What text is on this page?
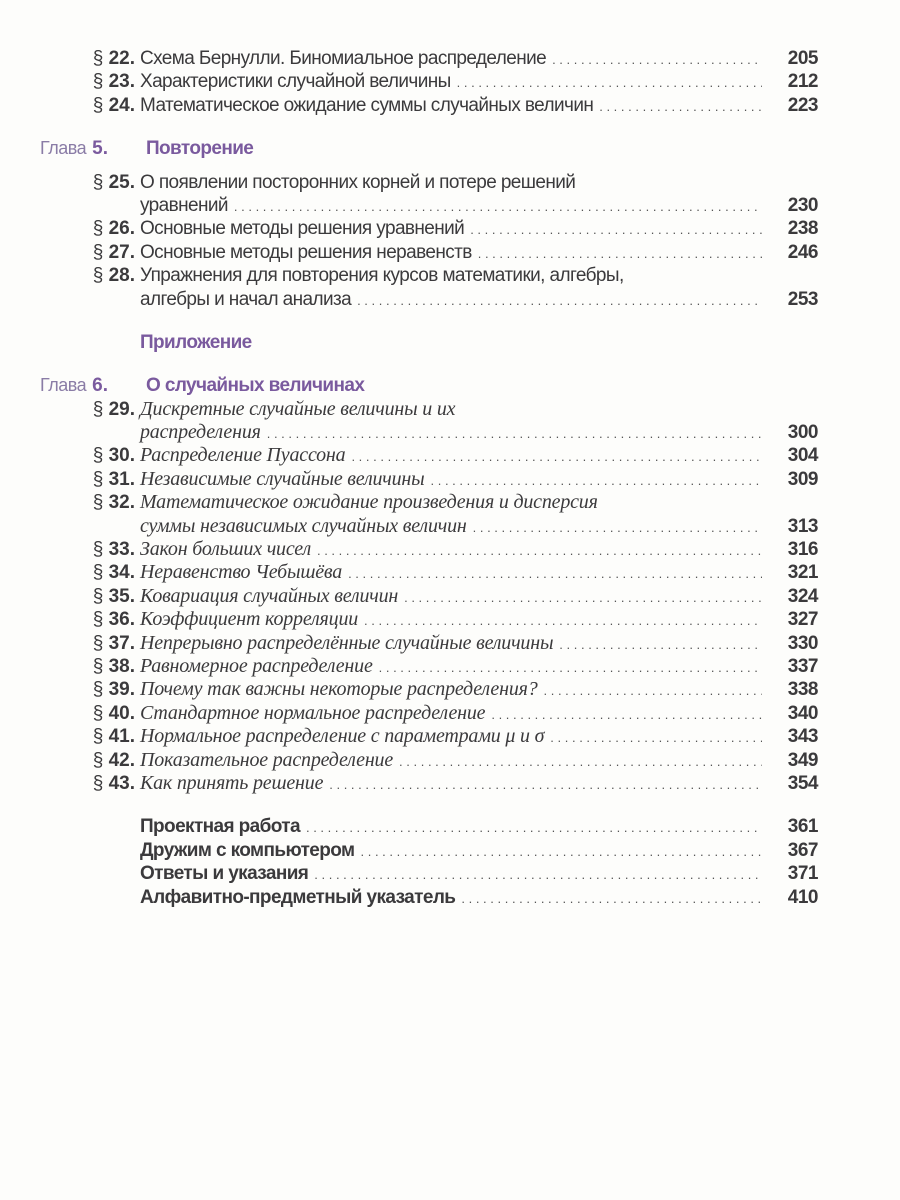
§ 22. Схема Бернулли. Биномиальное распределение . . .	205
§ 23. Характеристики случайной величины . . .	212
§ 24. Математическое ожидание суммы случайных величин . . .	223
Глава 5.	Повторение
§ 25. О появлении посторонних корней и потере решений
уравнений . . .	230
§ 26. Основные методы решения уравнений . . .	238
§ 27. Основные методы решения неравенств . . .	246
§ 28. Упражнения для повторения курсов математики, алгебры,
алгебры и начал анализа . . .	253
Приложение
Глава 6.	О случайных величинах
§ 29. Дискретные случайные величины и их
распределения . . .	300
§ 30. Распределение Пуассона . . .	304
§ 31. Независимые случайные величины . . .	309
§ 32. Математическое ожидание произведения и дисперсия
суммы независимых случайных величин . . .	313
§ 33. Закон больших чисел . . .	316
§ 34. Неравенство Чебышёва . . .	321
§ 35. Ковариация случайных величин . . .	324
§ 36. Коэффициент корреляции . . .	327
§ 37. Непрерывно распределённые случайные величины . . .	330
§ 38. Равномерное распределение . . .	337
§ 39. Почему так важны некоторые распределения? . . .	338
§ 40. Стандартное нормальное распределение . . .	340
§ 41. Нормальное распределение с параметрами μ и σ . . .	343
§ 42. Показательное распределение . . .	349
§ 43. Как принять решение . . .	354
Проектная работа . . .	361
Дружим с компьютером . . .	367
Ответы и указания . . .	371
Алфавитно-предметный указатель . . .	410
